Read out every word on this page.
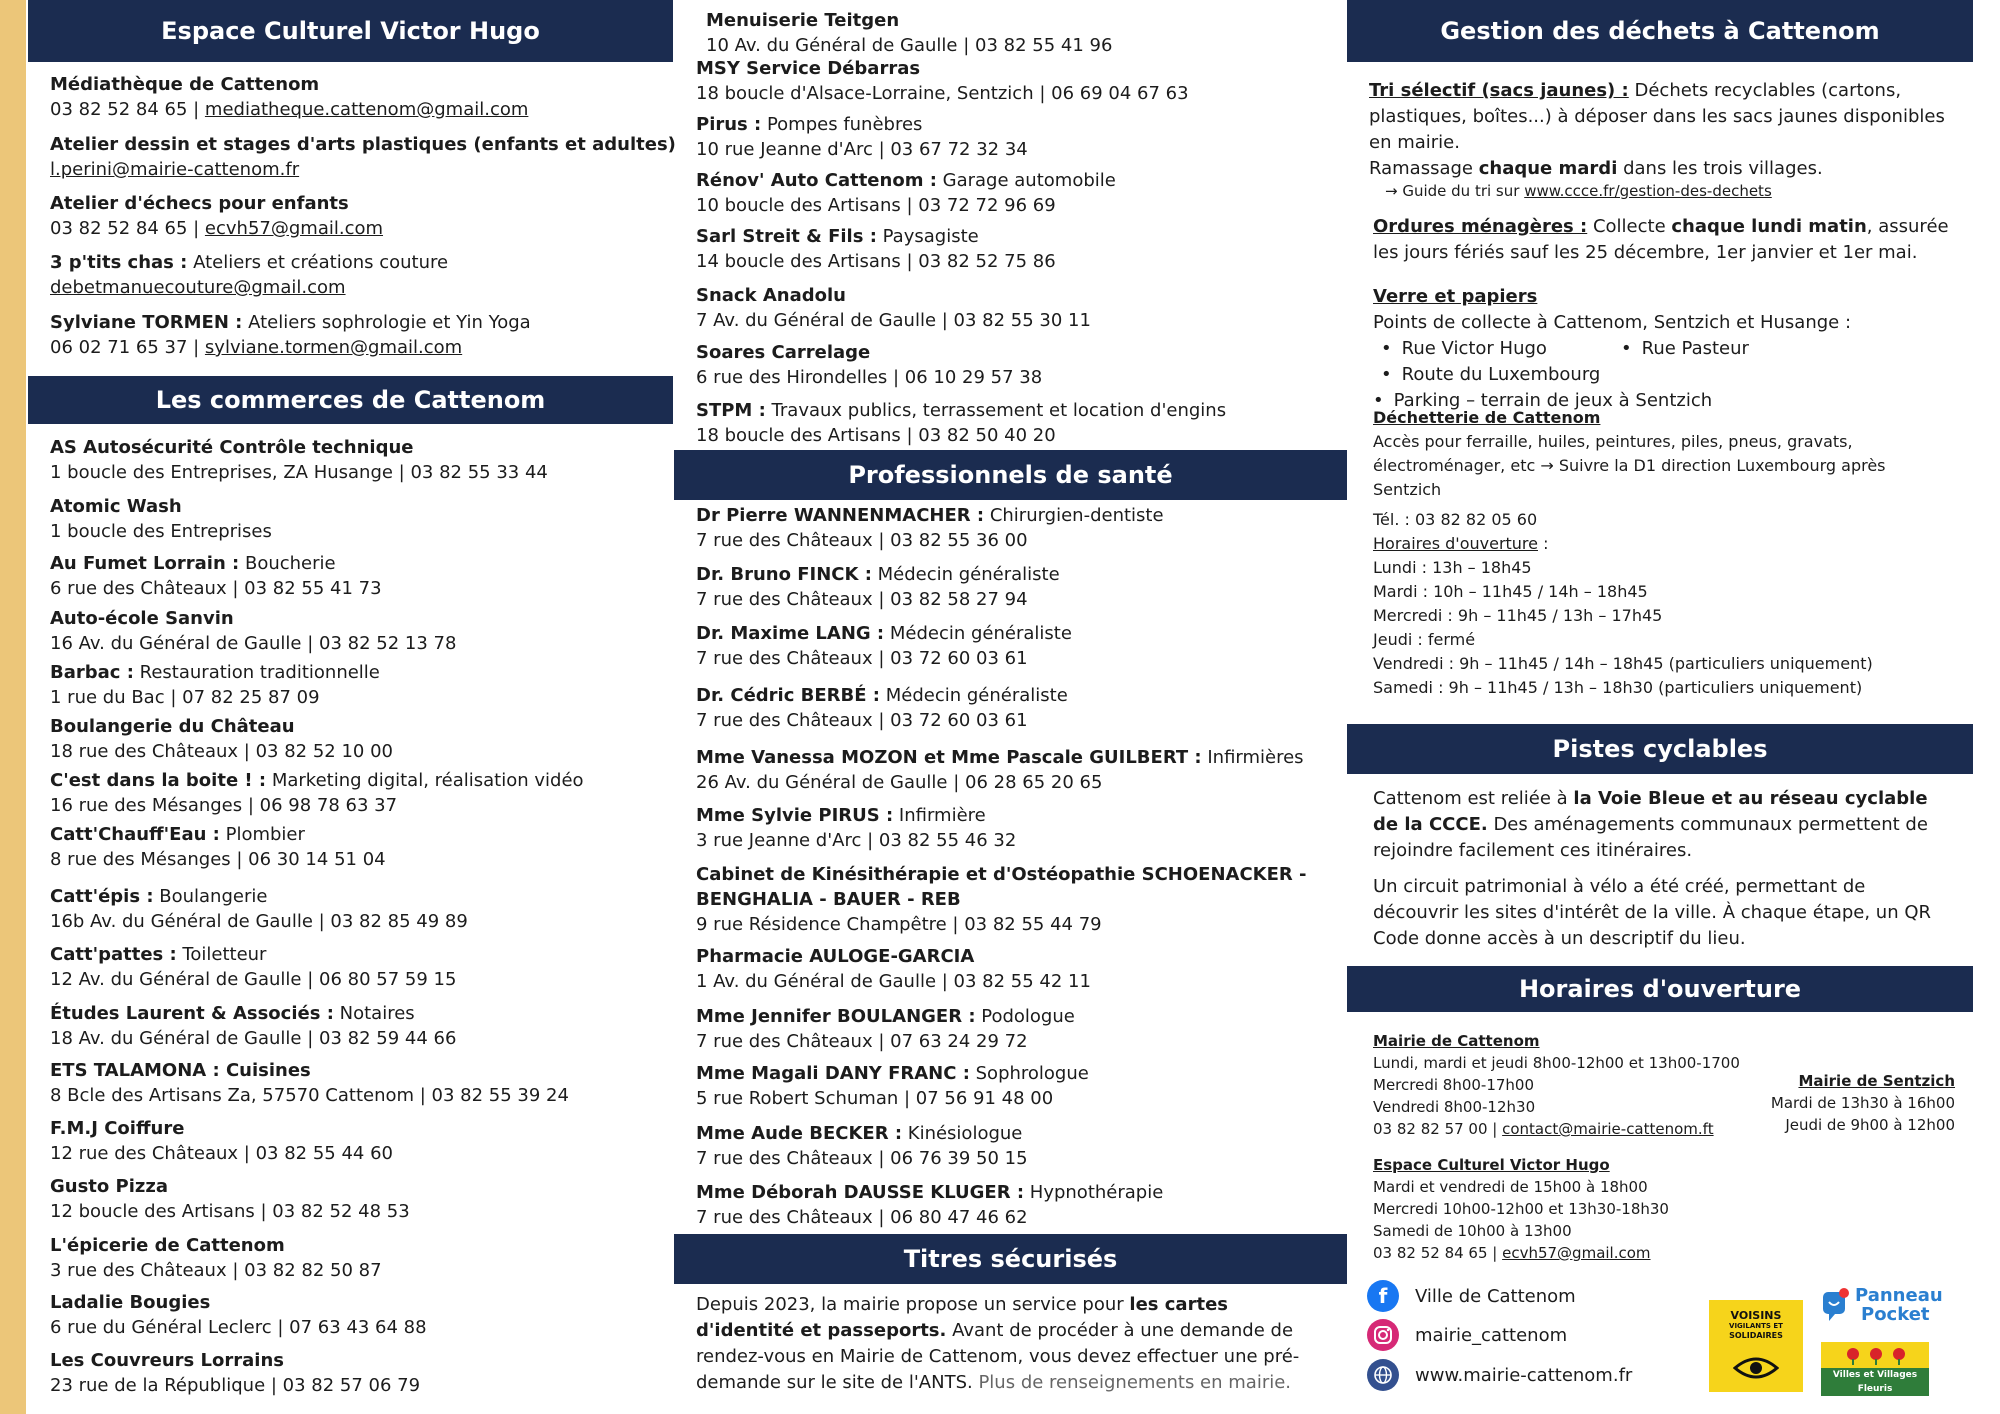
Espace Culturel Victor Hugo
Médiathèque de Cattenom
03 82 52 84 65 | mediatheque.cattenom@gmail.com
Atelier dessin et stages d'arts plastiques (enfants et adultes)
l.perini@mairie-cattenom.fr
Atelier d'échecs pour enfants
03 82 52 84 65 | ecvh57@gmail.com
3 p'tits chas : Ateliers et créations couture
debetmanuecouture@gmail.com
Sylviane TORMEN : Ateliers sophrologie et Yin Yoga
06 02 71 65 37 | sylviane.tormen@gmail.com
Les commerces de Cattenom
AS Autosécurité Contrôle technique
1 boucle des Entreprises, ZA Husange | 03 82 55 33 44
Atomic Wash
1 boucle des Entreprises
Au Fumet Lorrain : Boucherie
6 rue des Châteaux | 03 82 55 41 73
Auto-école Sanvin
16 Av. du Général de Gaulle | 03 82 52 13 78
Barbac : Restauration traditionnelle
1 rue du Bac | 07 82 25 87 09
Boulangerie du Château
18 rue des Châteaux | 03 82 52 10 00
C'est dans la boite ! : Marketing digital, réalisation vidéo
16 rue des Mésanges | 06 98 78 63 37
Catt'Chauff'Eau : Plombier
8 rue des Mésanges | 06 30 14 51 04
Catt'épis : Boulangerie
16b Av. du Général de Gaulle | 03 82 85 49 89
Catt'pattes : Toiletteur
12 Av. du Général de Gaulle | 06 80 57 59 15
Études Laurent & Associés : Notaires
18 Av. du Général de Gaulle | 03 82 59 44 66
ETS TALAMONA : Cuisines
8 Bcle des Artisans Za, 57570 Cattenom | 03 82 55 39 24
F.M.J Coiffure
12 rue des Châteaux | 03 82 55 44 60
Gusto Pizza
12 boucle des Artisans | 03 82 52 48 53
L'épicerie de Cattenom
3 rue des Châteaux | 03 82 82 50 87
Ladalie Bougies
6 rue du Général Leclerc | 07 63 43 64 88
Les Couvreurs Lorrains
23 rue de la République | 03 82 57 06 79
Menuiserie Teitgen
10 Av. du Général de Gaulle | 03 82 55 41 96
MSY Service Débarras
18 boucle d'Alsace-Lorraine, Sentzich | 06 69 04 67 63
Pirus : Pompes funèbres
10 rue Jeanne d'Arc | 03 67 72 32 34
Rénov' Auto Cattenom : Garage automobile
10 boucle des Artisans | 03 72 72 96 69
Sarl Streit & Fils : Paysagiste
14 boucle des Artisans | 03 82 52 75 86
Snack Anadolu
7 Av. du Général de Gaulle | 03 82 55 30 11
Soares Carrelage
6 rue des Hirondelles | 06 10 29 57 38
STPM : Travaux publics, terrassement et location d'engins
18 boucle des Artisans | 03 82 50 40 20
Professionnels de santé
Dr Pierre WANNENMACHER : Chirurgien-dentiste
7 rue des Châteaux | 03 82 55 36 00
Dr. Bruno FINCK : Médecin généraliste
7 rue des Châteaux | 03 82 58 27 94
Dr. Maxime LANG : Médecin généraliste
7 rue des Châteaux | 03 72 60 03 61
Dr. Cédric BERBÉ : Médecin généraliste
7 rue des Châteaux | 03 72 60 03 61
Mme Vanessa MOZON et Mme Pascale GUILBERT : Infirmières
26 Av. du Général de Gaulle | 06 28 65 20 65
Mme Sylvie PIRUS : Infirmière
3 rue Jeanne d'Arc | 03 82 55 46 32
Cabinet de Kinésithérapie et d'Ostéopathie SCHOENACKER -
BENGHALIA - BAUER - REB
9 rue Résidence Champêtre | 03 82 55 44 79
Pharmacie AULOGE-GARCIA
1 Av. du Général de Gaulle | 03 82 55 42 11
Mme Jennifer BOULANGER : Podologue
7 rue des Châteaux | 07 63 24 29 72
Mme Magali DANY FRANC : Sophrologue
5 rue Robert Schuman | 07 56 91 48 00
Mme Aude BECKER : Kinésiologue
7 rue des Châteaux | 06 76 39 50 15
Mme Déborah DAUSSE KLUGER : Hypnothérapie
7 rue des Châteaux | 06 80 47 46 62
Titres sécurisés
Depuis 2023, la mairie propose un service pour les cartes d'identité et passeports. Avant de procéder à une demande de rendez-vous en Mairie de Cattenom, vous devez effectuer une pré-demande sur le site de l'ANTS. Plus de renseignements en mairie.
Gestion des déchets à Cattenom
Tri sélectif (sacs jaunes) : Déchets recyclables (cartons, plastiques, boîtes...) à déposer dans les sacs jaunes disponibles en mairie.
Ramassage chaque mardi dans les trois villages.
→ Guide du tri sur www.ccce.fr/gestion-des-dechets
Ordures ménagères : Collecte chaque lundi matin, assurée les jours fériés sauf les 25 décembre, 1er janvier et 1er mai.
Verre et papiers
Points de collecte à Cattenom, Sentzich et Husange :
• Rue Victor Hugo•	Rue Pasteur
• Route du Luxembourg• Parking – terrain de jeux à Sentzich
Déchetterie de Cattenom
Accès pour ferraille, huiles, peintures, piles, pneus, gravats, électroménager, etc → Suivre la D1 direction Luxembourg après Sentzich
Tél. : 03 82 82 05 60
Horaires d'ouverture :
Lundi : 13h – 18h45
Mardi : 10h – 11h45 / 14h – 18h45
Mercredi : 9h – 11h45 / 13h – 17h45
Jeudi : fermé
Vendredi : 9h – 11h45 / 14h – 18h45 (particuliers uniquement)
Samedi : 9h – 11h45 / 13h – 18h30 (particuliers uniquement)
Pistes cyclables
Cattenom est reliée à la Voie Bleue et au réseau cyclable de la CCCE. Des aménagements communaux permettent de rejoindre facilement ces itinéraires.
Un circuit patrimonial à vélo a été créé, permettant de découvrir les sites d'intérêt de la ville. À chaque étape, un QR Code donne accès à un descriptif du lieu.
Horaires d'ouverture
Mairie de Cattenom
Lundi, mardi et jeudi 8h00-12h00 et 13h00-1700
Mercredi 8h00-17h00
Vendredi 8h00-12h30
03 82 82 57 00 | contact@mairie-cattenom.ft
Mairie de Sentzich
Mardi de 13h30 à 16h00
Jeudi de 9h00 à 12h00
Espace Culturel Victor Hugo
Mardi et vendredi de 15h00 à 18h00
Mercredi 10h00-12h00 et 13h30-18h30
Samedi de 10h00 à 13h00
03 82 52 84 65 | ecvh57@gmail.com
f	Ville de Cattenom
mairie_cattenom
www.mairie-cattenom.fr
VOISINS
VIGILANTS ET
SOLIDAIRES
Panneau
Pocket
Villes et Villages Fleuris
LE LABEL NATIONAL DE LA QUALITÉ DE VIE
